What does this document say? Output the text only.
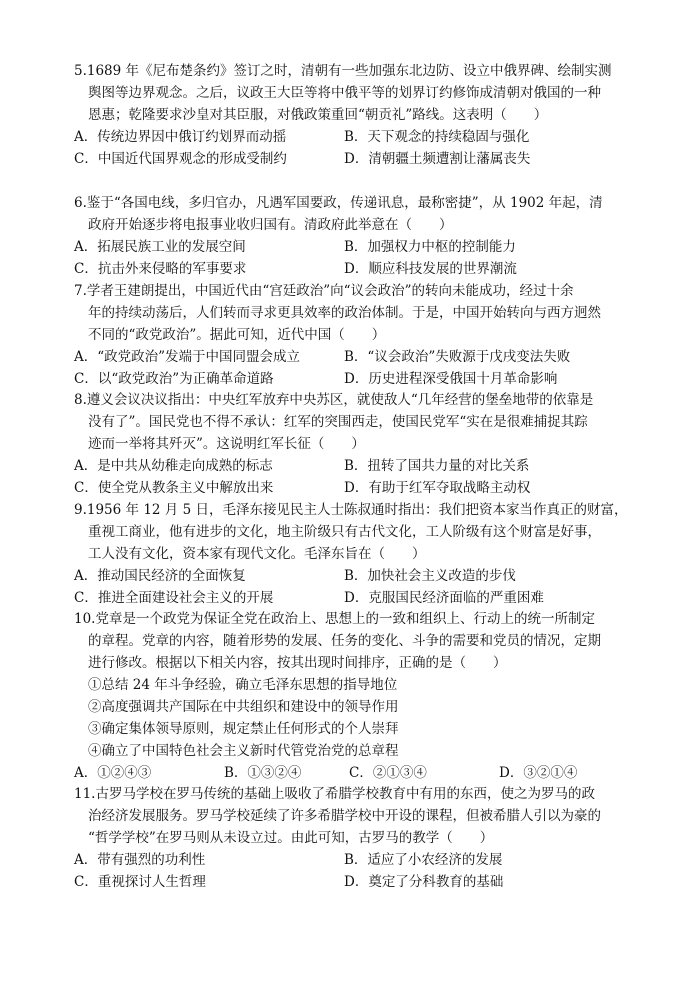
5.1689 年《尼布楚条约》签订之时，清朝有一些加强东北边防、设立中俄界碑、绘制实测
舆图等边界观念。之后，议政王大臣等将中俄平等的划界订约修饰成清朝对俄国的一种
恩惠；乾隆要求沙皇对其臣服，对俄政策重回“朝贡礼”路线。这表明（　　）

A．传统边界因中俄订约划界而动摇	B．天下观念的持续稳固与强化
C．中国近代国界观念的形成受制约	D．清朝疆土频遭割让藩属丧失

6.鉴于“各国电线，多归官办，凡遇军国要政，传递讯息，最称密捷”，从 1902 年起，清
政府开始逐步将电报事业收归国有。清政府此举意在（　　）

A．拓展民族工业的发展空间	B．加强权力中枢的控制能力
C．抗击外来侵略的军事要求	D．顺应科技发展的世界潮流

7.学者王建朗提出，中国近代由“宫廷政治”向“议会政治”的转向未能成功，经过十余
年的持续动荡后，人们转而寻求更具效率的政治体制。于是，中国开始转向与西方迥然
不同的“政党政治”。据此可知，近代中国（　　）

A．“政党政治”发端于中国同盟会成立	B．“议会政治”失败源于戊戌变法失败
C．以“政党政治”为正确革命道路	D．历史进程深受俄国十月革命影响

8.遵义会议决议指出：中央红军放弃中央苏区，就使敌人“几年经营的堡垒地带的依靠是
没有了”。国民党也不得不承认：红军的突围西走，使国民党军“实在是很难捕捉其踪
迹而一举将其歼灭”。这说明红军长征（　　）

A．是中共从幼稚走向成熟的标志	B．扭转了国共力量的对比关系
C．使全党从教条主义中解放出来	D．有助于红军夺取战略主动权

9.1956 年 12 月 5 日，毛泽东接见民主人士陈叔通时指出：我们把资本家当作真正的财富，
重视工商业，他有进步的文化，地主阶级只有古代文化，工人阶级有这个财富是好事，
工人没有文化，资本家有现代文化。毛泽东旨在（　　）

A．推动国民经济的全面恢复	B．加快社会主义改造的步伐
C．推进全面建设社会主义的开展	D．克服国民经济面临的严重困难

10.党章是一个政党为保证全党在政治上、思想上的一致和组织上、行动上的统一所制定
的章程。党章的内容，随着形势的发展、任务的变化、斗争的需要和党员的情况，定期
进行修改。根据以下相关内容，按其出现时间排序，正确的是（　　）

①总结 24 年斗争经验，确立毛泽东思想的指导地位
②高度强调共产国际在中共组织和建设中的领导作用
③确定集体领导原则，规定禁止任何形式的个人崇拜
④确立了中国特色社会主义新时代管党治党的总章程
A．①②④③	B．①③②④	C．②①③④	D．③②①④

11.古罗马学校在罗马传统的基础上吸收了希腊学校教育中有用的东西，使之为罗马的政
治经济发展服务。罗马学校延续了许多希腊学校中开设的课程，但被希腊人引以为豪的
“哲学学校”在罗马则从未设立过。由此可知，古罗马的教学（　　）

A．带有强烈的功利性	B．适应了小农经济的发展
C．重视探讨人生哲理	D．奠定了分科教育的基础
